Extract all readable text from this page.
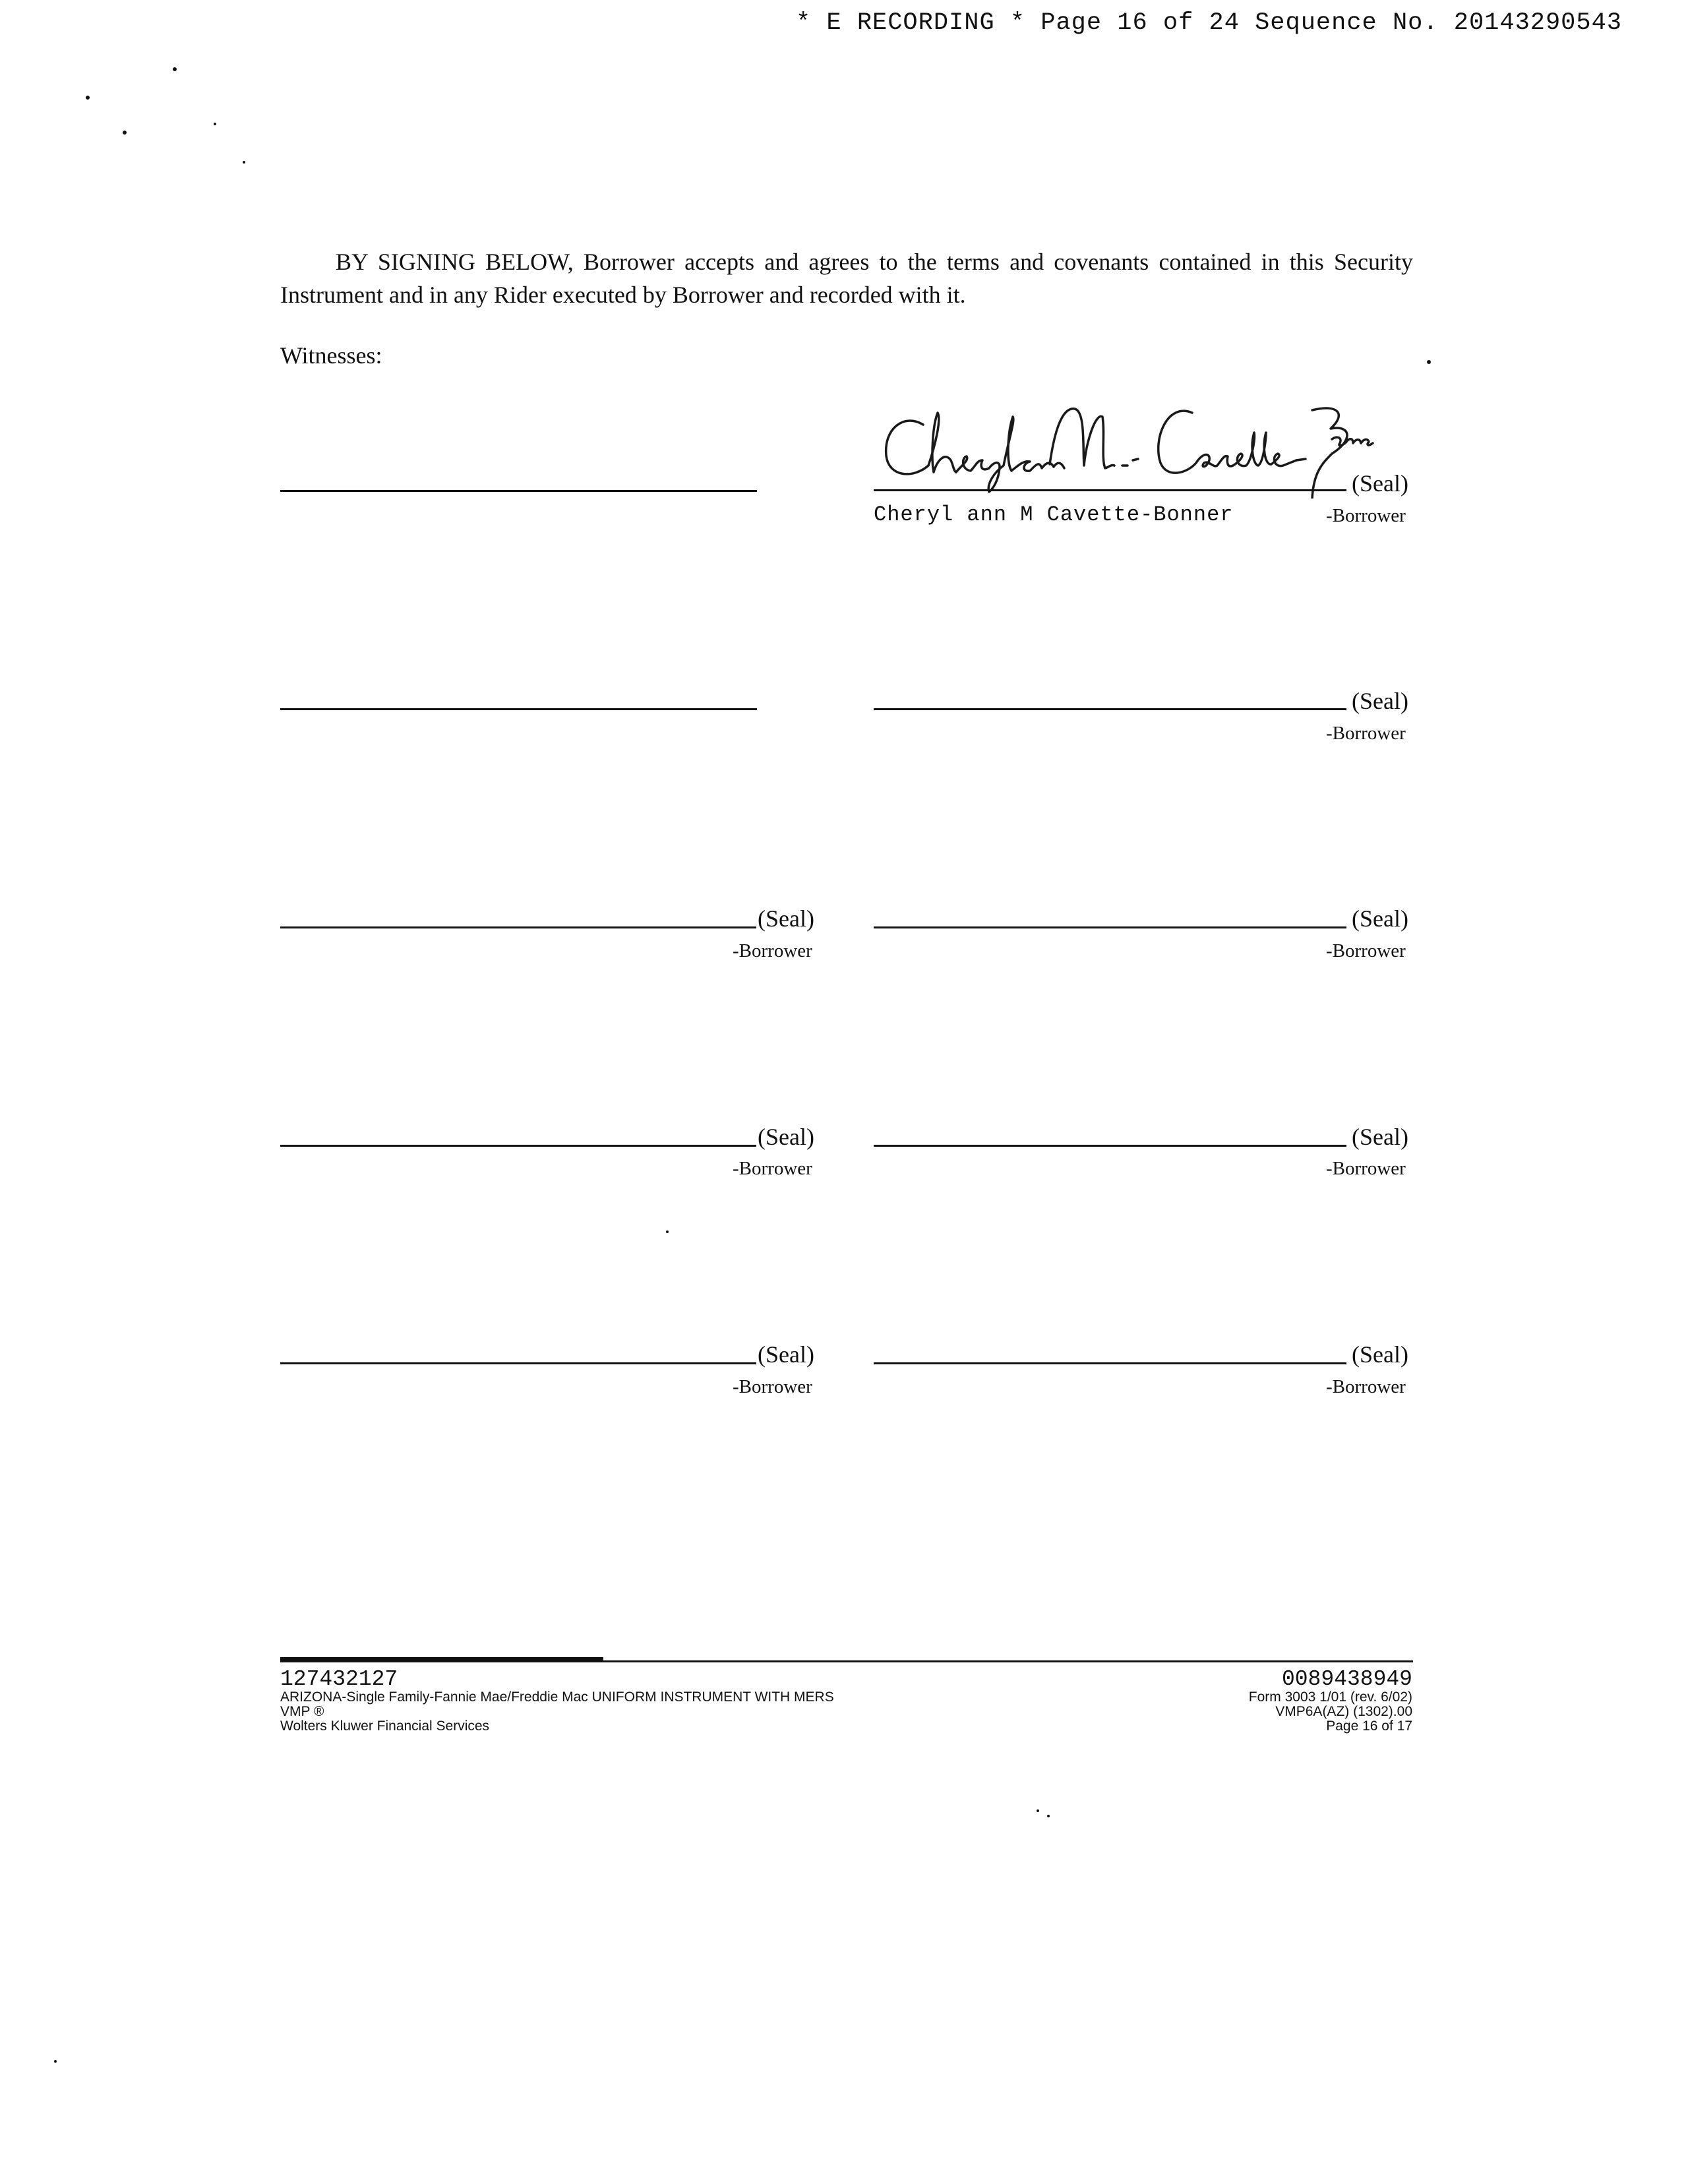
* E RECORDING * Page 16 of 24 Sequence No. 20143290543
BY SIGNING BELOW, Borrower accepts and agrees to the terms and covenants contained in this Security Instrument and in any Rider executed by Borrower and recorded with it.
Witnesses:
(Seal)
Cheryl ann M Cavette-Bonner	-Borrower
(Seal)
-Borrower
(Seal)
-Borrower
(Seal)
-Borrower
(Seal)
-Borrower
(Seal)
-Borrower
(Seal)
-Borrower
(Seal)
-Borrower
127432127
ARIZONA-Single Family-Fannie Mae/Freddie Mac UNIFORM INSTRUMENT WITH MERS
VMP ®
Wolters Kluwer Financial Services
0089438949
Form 3003 1/01 (rev. 6/02)
VMP6A(AZ) (1302).00
Page 16 of 17
